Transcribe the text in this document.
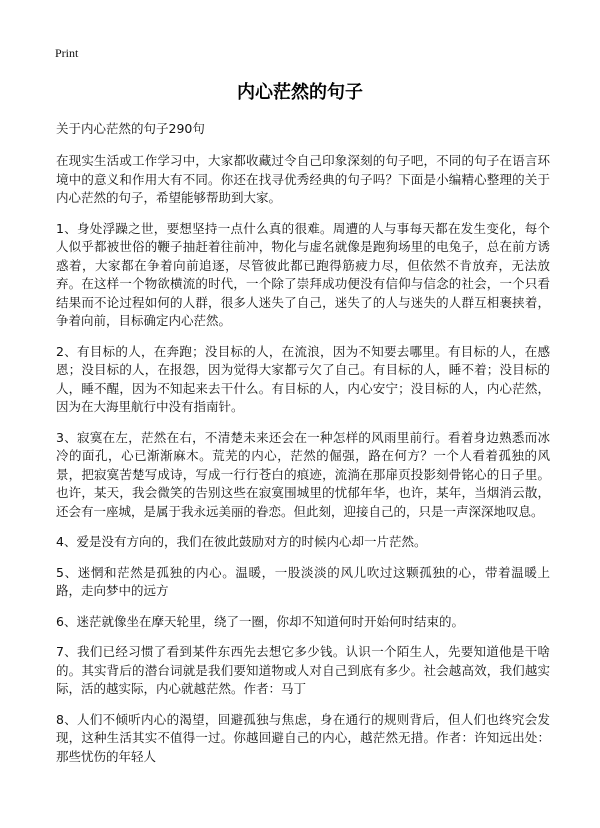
Print
内心茫然的句子

关于内心茫然的句子290句

在现实生活或工作学习中，大家都收藏过令自己印象深刻的句子吧，不同的句子在语言环境中的意义和作用大有不同。你还在找寻优秀经典的句子吗？下面是小编精心整理的关于内心茫然的句子，希望能够帮助到大家。

1、身处浮躁之世，要想坚持一点什么真的很难。周遭的人与事每天都在发生变化，每个人似乎都被世俗的鞭子抽赶着往前冲，物化与虚名就像是跑狗场里的电兔子，总在前方诱惑着，大家都在争着向前追逐，尽管彼此都已跑得筋疲力尽，但依然不肯放弃，无法放弃。在这样一个物欲横流的时代，一个除了崇拜成功便没有信仰与信念的社会，一个只看结果而不论过程如何的人群，很多人迷失了自己，迷失了的人与迷失的人群互相裹挟着，争着向前，目标确定内心茫然。

2、有目标的人，在奔跑；没目标的人，在流浪，因为不知要去哪里。有目标的人，在感恩；没目标的人，在报怨，因为觉得大家都亏欠了自己。有目标的人，睡不着；没目标的人，睡不醒，因为不知起来去干什么。有目标的人，内心安宁；没目标的人，内心茫然，因为在大海里航行中没有指南针。

3、寂寞在左，茫然在右，不清楚未来还会在一种怎样的风雨里前行。看着身边熟悉而冰冷的面孔，心已渐渐麻木。荒芜的内心，茫然的倔强，路在何方？一个人看着孤独的风景，把寂寞苦楚写成诗，写成一行行苍白的痕迹，流淌在那扉页投影刻骨铭心的日子里。也许，某天，我会微笑的告别这些在寂寞围城里的忧郁年华，也许，某年，当烟消云散，还会有一座城，是属于我永远美丽的眷恋。但此刻，迎接自己的，只是一声深深地叹息。

4、爱是没有方向的，我们在彼此鼓励对方的时候内心却一片茫然。

5、迷惘和茫然是孤独的内心。温暖，一股淡淡的风儿吹过这颗孤独的心，带着温暖上路，走向梦中的远方

6、迷茫就像坐在摩天轮里，绕了一圈，你却不知道何时开始何时结束的。

7、我们已经习惯了看到某件东西先去想它多少钱。认识一个陌生人，先要知道他是干啥的。其实背后的潜台词就是我们要知道物或人对自己到底有多少。社会越高效，我们越实际，活的越实际，内心就越茫然。作者：马丁

8、人们不倾听内心的渴望，回避孤独与焦虑，身在通行的规则背后，但人们也终究会发现，这种生活其实不值得一过。你越回避自己的内心，越茫然无措。作者：许知远出处：那些忧伤的年轻人
